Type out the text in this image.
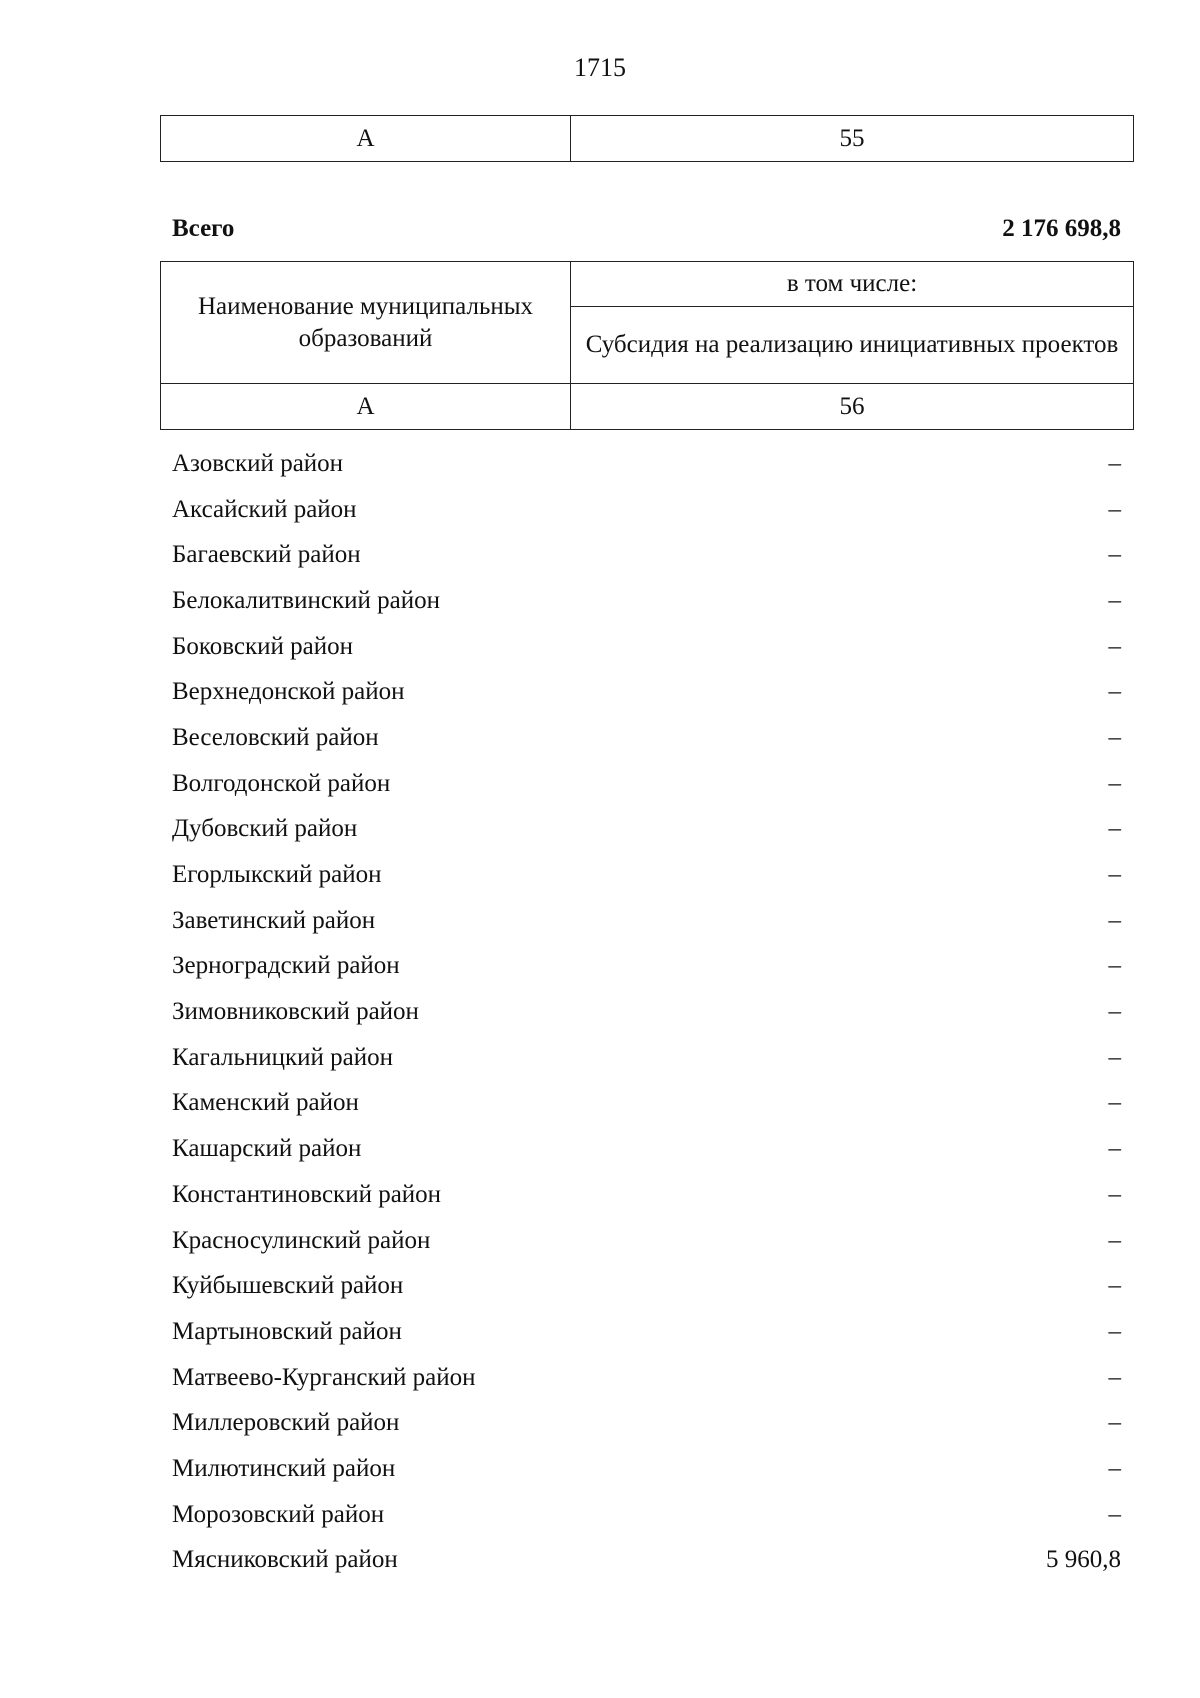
1715
А	55
Всего	2 176 698,8
Наименование муниципальных образований	в том числе:
	Субсидия на реализацию инициативных проектов
А	56
Азовский район	–
Аксайский район	–
Багаевский район	–
Белокалитвинский район	–
Боковский район	–
Верхнедонской район	–
Веселовский район	–
Волгодонской район	–
Дубовский район	–
Егорлыкский район	–
Заветинский район	–
Зерноградский район	–
Зимовниковский район	–
Кагальницкий район	–
Каменский район	–
Кашарский район	–
Константиновский район	–
Красносулинский район	–
Куйбышевский район	–
Мартыновский район	–
Матвеево-Курганский район	–
Миллеровский район	–
Милютинский район	–
Морозовский район	–
Мясниковский район	5 960,8
